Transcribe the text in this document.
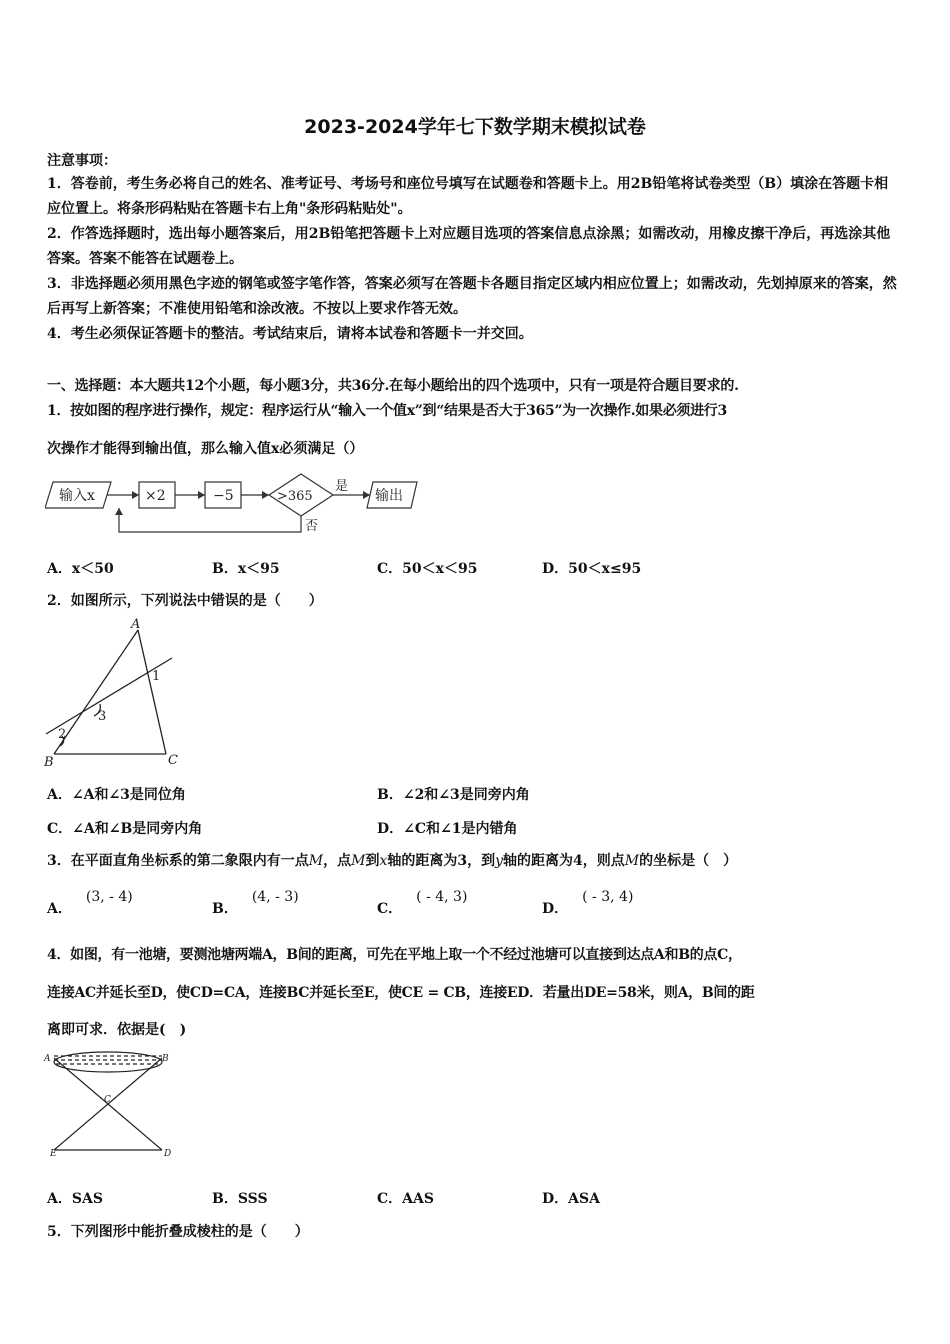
2023-2024学年七下数学期末模拟试卷
注意事项：
1．答卷前，考生务必将自己的姓名、准考证号、考场号和座位号填写在试题卷和答题卡上。用2B铅笔将试卷类型（B）填涂在答题卡相应位置上。将条形码粘贴在答题卡右上角"条形码粘贴处"。
2．作答选择题时，选出每小题答案后，用2B铅笔把答题卡上对应题目选项的答案信息点涂黑；如需改动，用橡皮擦干净后，再选涂其他答案。答案不能答在试题卷上。
3．非选择题必须用黑色字迹的钢笔或签字笔作答，答案必须写在答题卡各题目指定区域内相应位置上；如需改动，先划掉原来的答案，然后再写上新答案；不准使用铅笔和涂改液。不按以上要求作答无效。
4．考生必须保证答题卡的整洁。考试结束后，请将本试卷和答题卡一并交回。
一、选择题：本大题共12个小题，每小题3分，共36分.在每小题给出的四个选项中，只有一项是符合题目要求的.
1．按如图的程序进行操作，规定：程序运行从“输入一个值x”到“结果是否大于365”为一次操作.如果必须进行3
次操作才能得到输出值，那么输入值x必须满足（）
输入x	×2	−5	>365
是
否
输出
A．x＜50	B．x＜95	C．50＜x＜95	D．50＜x≤95
2．如图所示，下列说法中错误的是（　　）
A
B	C
1
2
3
A．∠A和∠3是同位角	B．∠2和∠3是同旁内角
C．∠A和∠B是同旁内角	D．∠C和∠1是内错角
3．在平面直角坐标系的第二象限内有一点M，点M到x轴的距离为3，到y轴的距离为4，则点M的坐标是（　）
A．(3, - 4)
B．(4, - 3)
C．( - 4, 3)
D．( - 3, 4)
4．如图，有一池塘，要测池塘两端A，B间的距离，可先在平地上取一个不经过池塘可以直接到达点A和B的点C，
连接AC并延长至D，使CD=CA，连接BC并延长至E，使CE = CB，连接ED．若量出DE=58米，则A，B间的距
离即可求．依据是(　)
A	B
C
D
E
A．SAS	B．SSS	C．AAS	D．ASA
5．下列图形中能折叠成棱柱的是（　　）
